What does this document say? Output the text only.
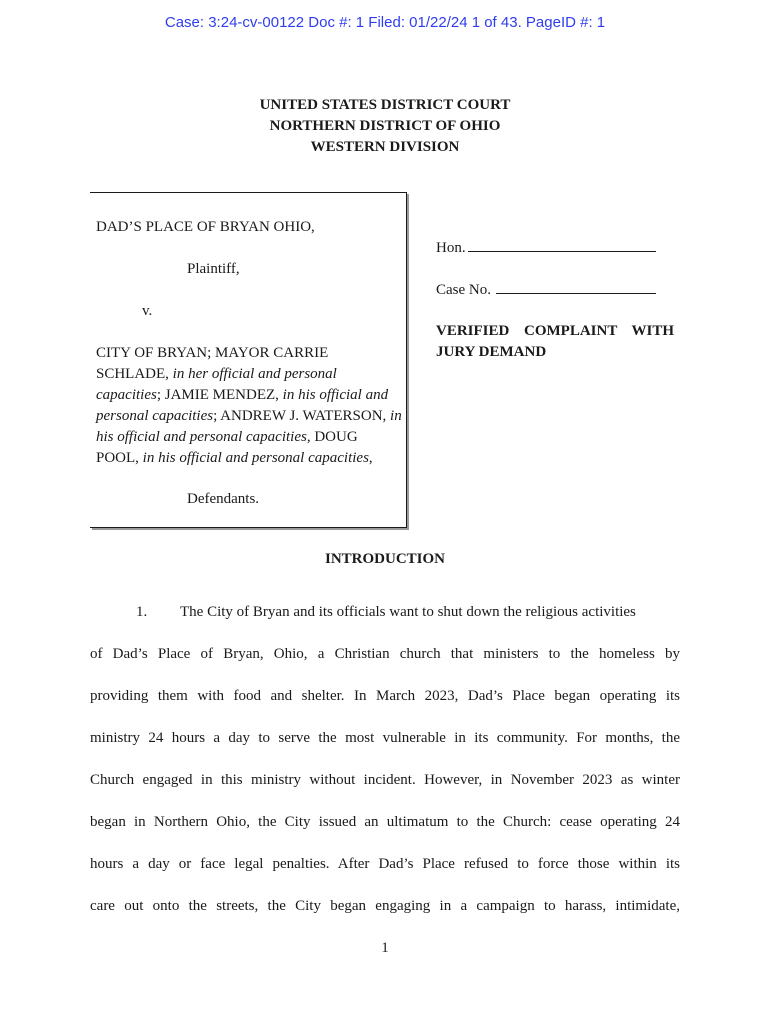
Case: 3:24-cv-00122 Doc #: 1 Filed: 01/22/24 1 of 43. PageID #: 1
UNITED STATES DISTRICT COURT
NORTHERN DISTRICT OF OHIO
WESTERN DIVISION
DAD’S PLACE OF BRYAN OHIO,
Plaintiff,
v.
CITY OF BRYAN; MAYOR CARRIE SCHLADE, in her official and personal capacities; JAMIE MENDEZ, in his official and personal capacities; ANDREW J. WATERSON, in his official and personal capacities, DOUG POOL, in his official and personal capacities,
Defendants.
Hon.
Case No.
VERIFIED COMPLAINT WITH JURY DEMAND
INTRODUCTION
1. The City of Bryan and its officials want to shut down the religious activities
of Dad’s Place of Bryan, Ohio, a Christian church that ministers to the homeless by
providing them with food and shelter. In March 2023, Dad’s Place began operating its
ministry 24 hours a day to serve the most vulnerable in its community. For months, the
Church engaged in this ministry without incident. However, in November 2023 as winter
began in Northern Ohio, the City issued an ultimatum to the Church: cease operating 24
hours a day or face legal penalties. After Dad’s Place refused to force those within its
care out onto the streets, the City began engaging in a campaign to harass, intimidate,
1
